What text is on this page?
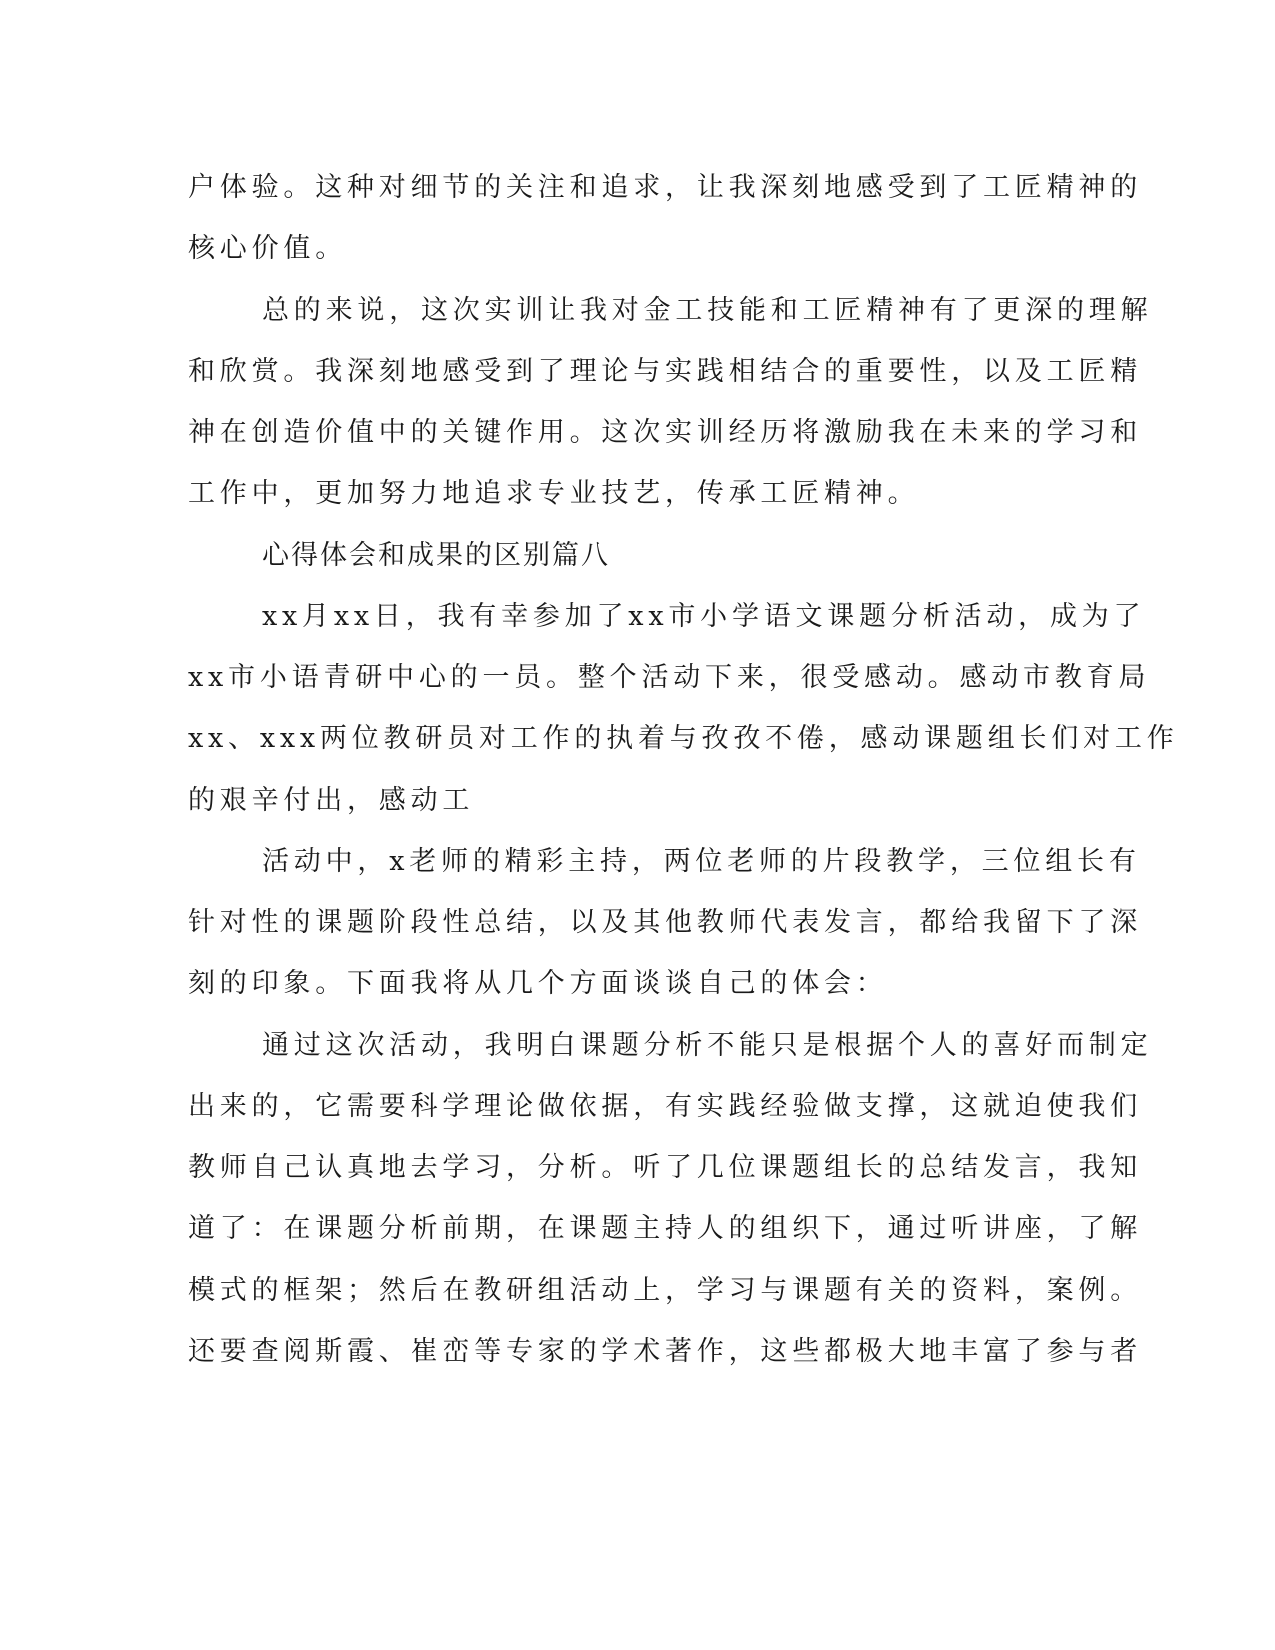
户体验。这种对细节的关注和追求，让我深刻地感受到了工匠精神的

核心价值。

总的来说，这次实训让我对金工技能和工匠精神有了更深的理解

和欣赏。我深刻地感受到了理论与实践相结合的重要性，以及工匠精

神在创造价值中的关键作用。这次实训经历将激励我在未来的学习和

工作中，更加努力地追求专业技艺，传承工匠精神。

心得体会和成果的区别篇八

xx月xx日，我有幸参加了xx市小学语文课题分析活动，成为了

xx市小语青研中心的一员。整个活动下来，很受感动。感动市教育局

xx、xxx两位教研员对工作的执着与孜孜不倦，感动课题组长们对工作

的艰辛付出，感动工

活动中，x老师的精彩主持，两位老师的片段教学，三位组长有

针对性的课题阶段性总结，以及其他教师代表发言，都给我留下了深

刻的印象。下面我将从几个方面谈谈自己的体会：

通过这次活动，我明白课题分析不能只是根据个人的喜好而制定

出来的，它需要科学理论做依据，有实践经验做支撑，这就迫使我们

教师自己认真地去学习，分析。听了几位课题组长的总结发言，我知

道了：在课题分析前期，在课题主持人的组织下，通过听讲座，了解

模式的框架；然后在教研组活动上，学习与课题有关的资料，案例。

还要查阅斯霞、崔峦等专家的学术著作，这些都极大地丰富了参与者
